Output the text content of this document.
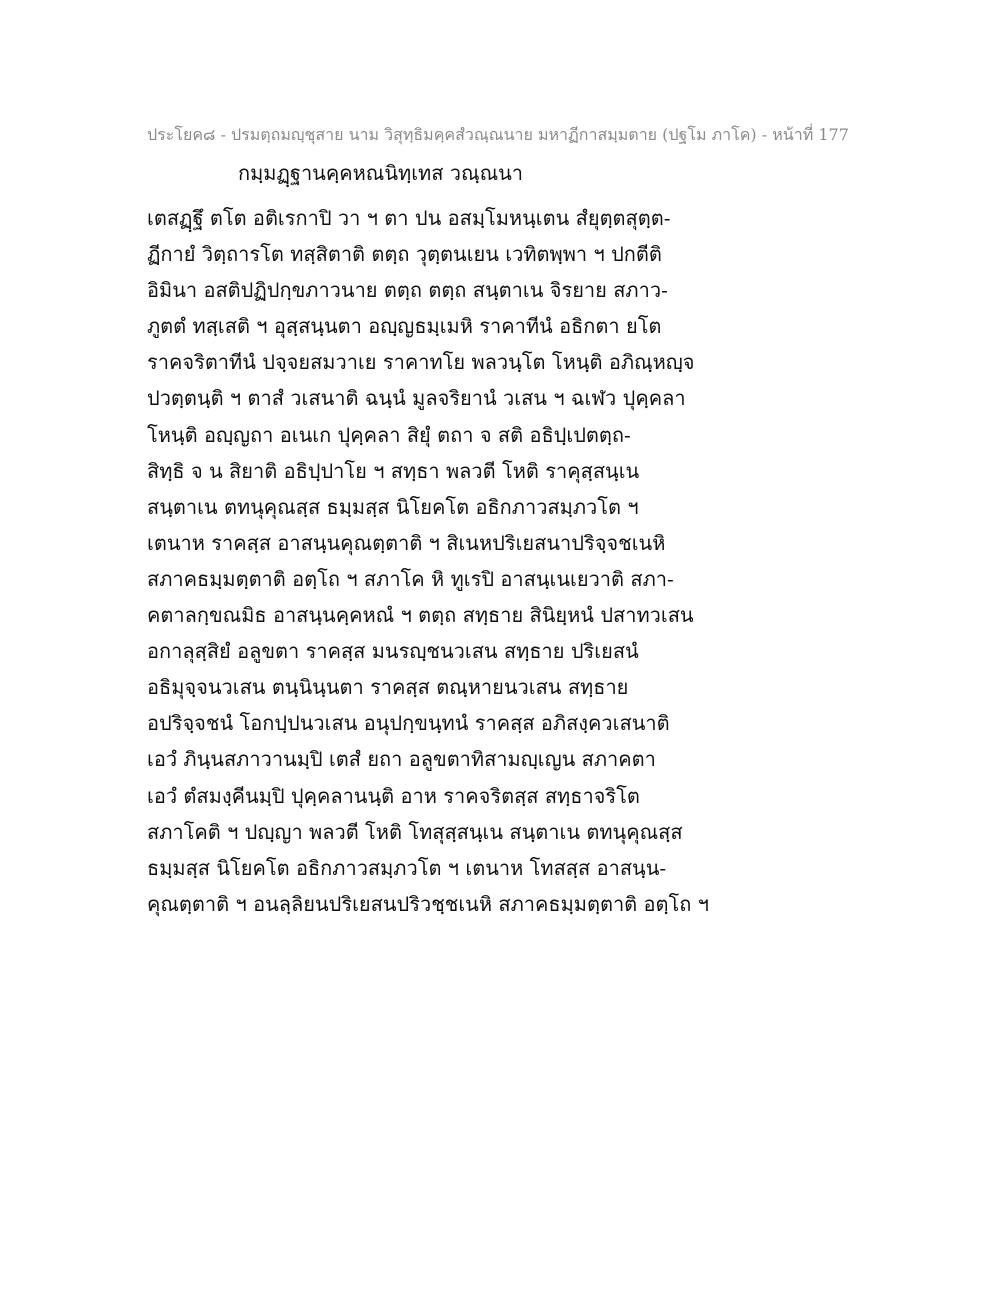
ประโยค๘ - ปรมตฺถมญฺชุสาย นาม วิสุทฺธิมคฺคสํวณฺณนาย มหาฏีกาสมฺมตาย (ปฐโม ภาโค) - หน้าที่ 177
กมฺมฏฺฐานคฺคหณนิทฺเทส วณฺณนา
เตสฏฺฐึ ตโต อติเรกาปิ วา ฯ ตา ปน อสมฺโมหนฺเตน สํยุตฺตสุตฺต-
ฏีกายํ วิตฺถารโต ทสฺสิตาติ ตตฺถ วุตฺตนเยน เวทิตพฺพา ฯ ปกตีติ
อิมินา อสติปฏิปกฺขภาวนาย ตตฺถ ตตฺถ สนฺตาเน จิรยาย สภาว-
ภูตตํ ทสฺเสติ ฯ อุสฺสนฺนตา อญฺญธมฺเมหิ ราคาทีนํ อธิกตา ยโต
ราคจริตาทีนํ ปจฺจยสมวาเย ราคาทโย พลวนฺโต โหนฺติ อภิณฺหญฺจ
ปวตฺตนฺติ ฯ ตาสํ วเสนาติ ฉนฺนํ มูลจริยานํ วเสน ฯ ฉเฬว ปุคฺคลา
โหนฺติ อญฺญถา อเนเก ปุคฺคลา สิยุํ ตถา จ สติ อธิปฺเปตตฺถ-
สิทฺธิ จ น สิยาติ อธิปฺปาโย ฯ สทฺธา พลวตี โหติ ราคุสฺสนฺเน
สนฺตาเน ตทนุคุณสฺส ธมฺมสฺส นิโยคโต อธิกภาวสมฺภวโต ฯ
เตนาห ราคสฺส อาสนฺนคุณตฺตาติ ฯ สิเนหปริเยสนาปริจฺจชเนหิ
สภาคธมฺมตฺตาติ อตฺโถ ฯ สภาโค หิ ทูเรปิ อาสนฺเนเยวาติ สภา-
คตาลกฺขณมิธ อาสนฺนคฺคหณํ ฯ ตตฺถ สทฺธาย สินิยฺหนํ ปสาทวเสน
อกาลุสฺสิยํ อลูขตา ราคสฺส มนรญฺชนวเสน สทฺธาย ปริเยสนํ
อธิมุจฺจนวเสน ตนฺนินฺนตา ราคสฺส ตณฺหายนวเสน สทฺธาย
อปริจฺจชนํ โอกปฺปนวเสน อนุปกฺขนฺทนํ ราคสฺส อภิสงฺควเสนาติ
เอวํ ภินฺนสภาวานมฺปิ เตสํ ยถา อลูขตาทิสามญฺเญน สภาคตา
เอวํ ตํสมงฺคีนมฺปิ ปุคฺคลานนฺติ อาห ราคจริตสฺส สทฺธาจริโต
สภาโคติ ฯ ปญฺญา พลวตี โหติ โทสุสฺสนฺเน สนฺตาเน ตทนุคุณสฺส
ธมฺมสฺส นิโยคโต อธิกภาวสมฺภวโต ฯ เตนาห โทสสฺส อาสนฺน-
คุณตฺตาติ ฯ อนลฺลิยนปริเยสนปริวชฺชเนหิ สภาคธมฺมตฺตาติ อตฺโถ ฯ
